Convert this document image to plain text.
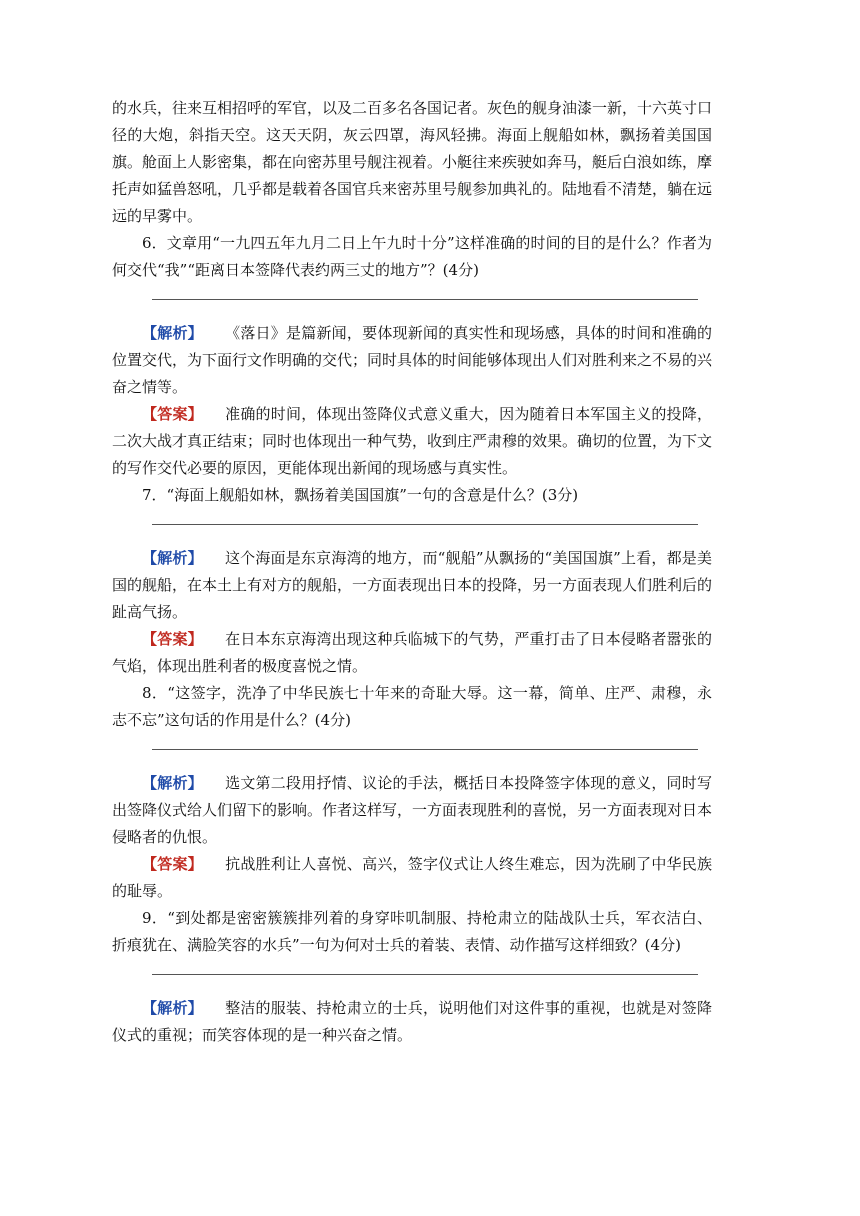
的水兵，往来互相招呼的军官，以及二百多名各国记者。灰色的舰身油漆一新，十六英寸口径的大炮，斜指天空。这天天阴，灰云四罩，海风轻拂。海面上舰船如林，飘扬着美国国旗。舱面上人影密集，都在向密苏里号舰注视着。小艇往来疾驶如奔马，艇后白浪如练，摩托声如猛兽怒吼，几乎都是载着各国官兵来密苏里号舰参加典礼的。陆地看不清楚，躺在远远的早雾中。

6．文章用“一九四五年九月二日上午九时十分”这样准确的时间的目的是什么？作者为何交代“我”“距离日本签降代表约两三丈的地方”？(4分)

【解析】 《落日》是篇新闻，要体现新闻的真实性和现场感，具体的时间和准确的位置交代，为下面行文作明确的交代；同时具体的时间能够体现出人们对胜利来之不易的兴奋之情等。

【答案】 准确的时间，体现出签降仪式意义重大，因为随着日本军国主义的投降，二次大战才真正结束；同时也体现出一种气势，收到庄严肃穆的效果。确切的位置，为下文的写作交代必要的原因，更能体现出新闻的现场感与真实性。

7．“海面上舰船如林，飘扬着美国国旗”一句的含意是什么？(3分)

【解析】 这个海面是东京海湾的地方，而“舰船”从飘扬的“美国国旗”上看，都是美国的舰船，在本土上有对方的舰船，一方面表现出日本的投降，另一方面表现人们胜利后的趾高气扬。

【答案】 在日本东京海湾出现这种兵临城下的气势，严重打击了日本侵略者嚣张的气焰，体现出胜利者的极度喜悦之情。

8．“这签字，洗净了中华民族七十年来的奇耻大辱。这一幕，简单、庄严、肃穆，永志不忘”这句话的作用是什么？(4分)

【解析】 选文第二段用抒情、议论的手法，概括日本投降签字体现的意义，同时写出签降仪式给人们留下的影响。作者这样写，一方面表现胜利的喜悦，另一方面表现对日本侵略者的仇恨。

【答案】 抗战胜利让人喜悦、高兴，签字仪式让人终生难忘，因为洗刷了中华民族的耻辱。

9．“到处都是密密簇簇排列着的身穿咔叽制服、持枪肃立的陆战队士兵，军衣洁白、折痕犹在、满脸笑容的水兵”一句为何对士兵的着装、表情、动作描写这样细致？(4分)

【解析】 整洁的服装、持枪肃立的士兵，说明他们对这件事的重视，也就是对签降仪式的重视；而笑容体现的是一种兴奋之情。
